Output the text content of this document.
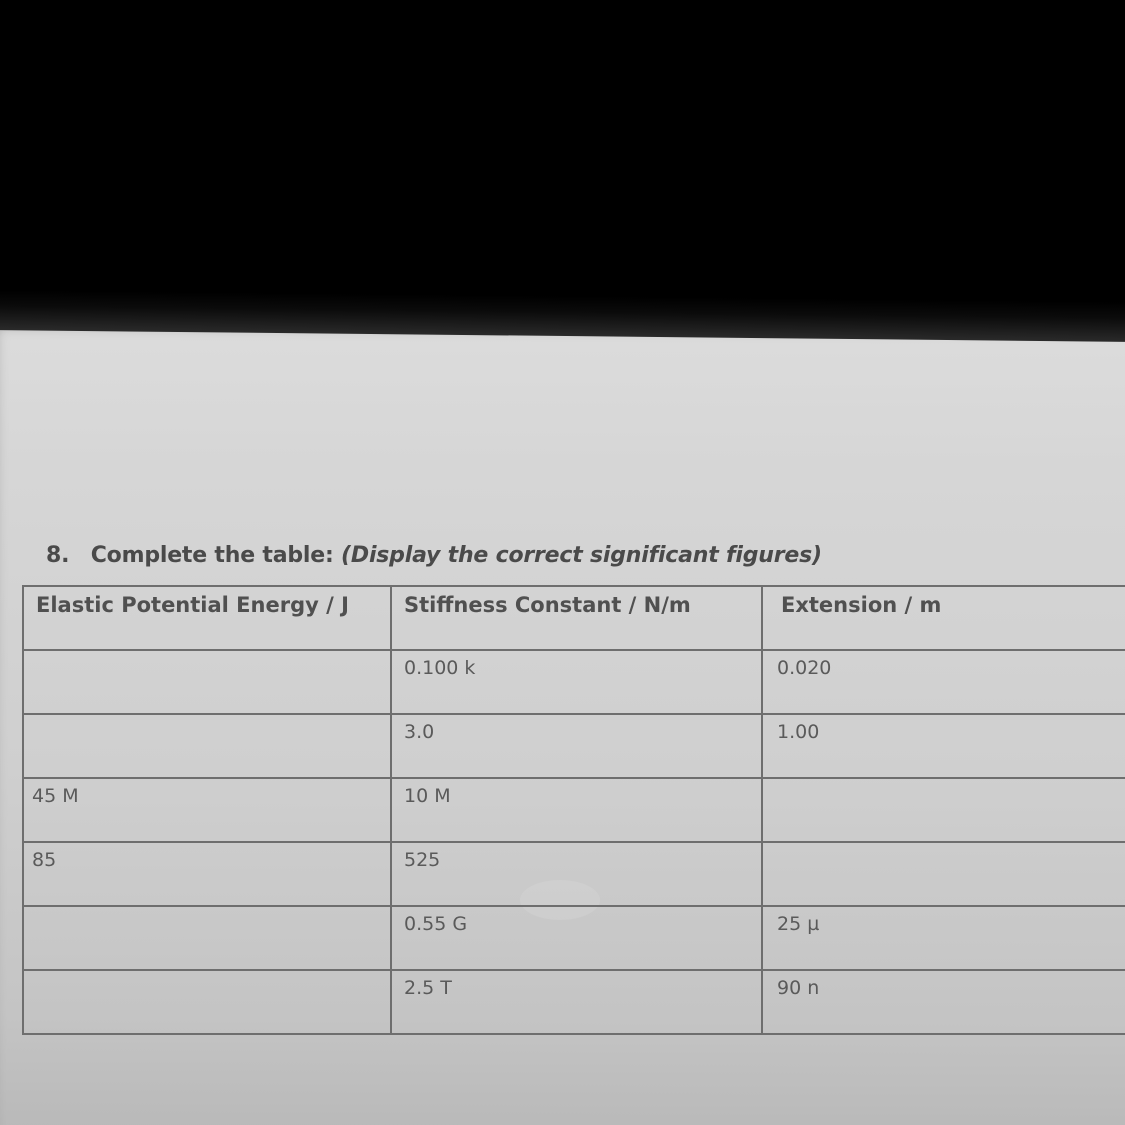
8. Complete the table: (Display the correct significant figures)
Elastic Potential Energy / J	Stiffness Constant / N/m	Extension / m
	0.100 k	0.020
	3.0	1.00
45 M	10 M	
85	525	
	0.55 G	25 µ
	2.5 T	90 n
